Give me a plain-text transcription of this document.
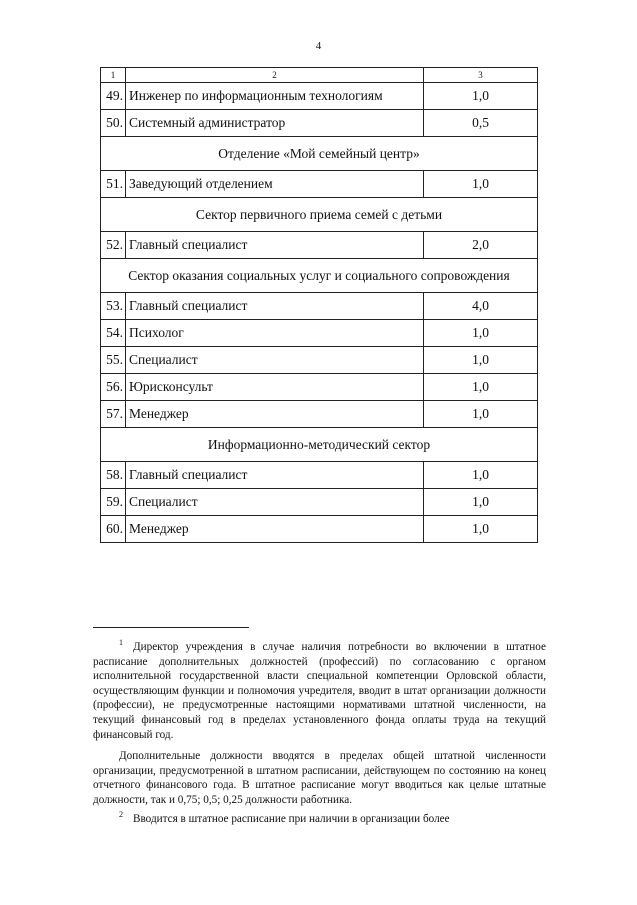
4
1	2	3
49.	Инженер по информационным технологиям	1,0
50.	Системный администратор	0,5
Отделение «Мой семейный центр»		
51.	Заведующий отделением	1,0
Сектор первичного приема семей с детьми		
52.	Главный специалист	2,0
Сектор оказания социальных услуг и социального сопровождения		
53.	Главный специалист	4,0
54.	Психолог	1,0
55.	Специалист	1,0
56.	Юрисконсульт	1,0
57.	Менеджер	1,0
Информационно-методический сектор		
58.	Главный специалист	1,0
59.	Специалист	1,0
60.	Менеджер	1,0

$^1$ Директор учреждения в случае наличия потребности во включении в штатное расписание дополнительных должностей (профессий) по согласованию с органом исполнительной государственной власти специальной компетенции Орловской области, осуществляющим функции и полномочия учредителя, вводит в штат организации должности (профессии), не предусмотренные настоящими нормативами штатной численности, на текущий финансовый год в пределах установленного фонда оплаты труда на текущий финансовый год.

Дополнительные должности вводятся в пределах общей штатной численности организации, предусмотренной в штатном расписании, действующем по состоянию на конец отчетного финансового года. В штатное расписание могут вводиться как целые штатные должности, так и 0,75; 0,5; 0,25 должности работника.

$^2$ Вводится в штатное расписание при наличии в организации более
